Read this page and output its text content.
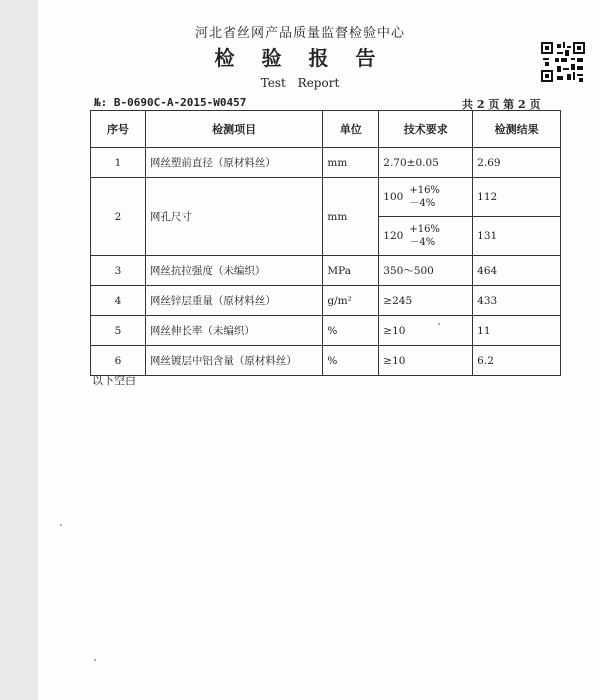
河北省丝网产品质量监督检验中心
检 验 报 告
Test Report
№: B-0690C-A-2015-W0457	共 2 页 第 2 页
序号	检测项目	单位	技术要求	检测结果
1	网丝塑前直径（原材料丝）	mm	2.70±0.05	2.69
2	网孔尺寸	mm	100
+16%
－4%	112

			120
+16%
－4%	131
3	网丝抗拉强度（未编织）	MPa	350～500	464
4	网丝锌层重量（原材料丝）	g/m²	≥245	433
5	网丝伸长率（未编织）	%	≥10	11
6	网丝镀层中铝含量（原材料丝）	%	≥10	6.2
以下空白
